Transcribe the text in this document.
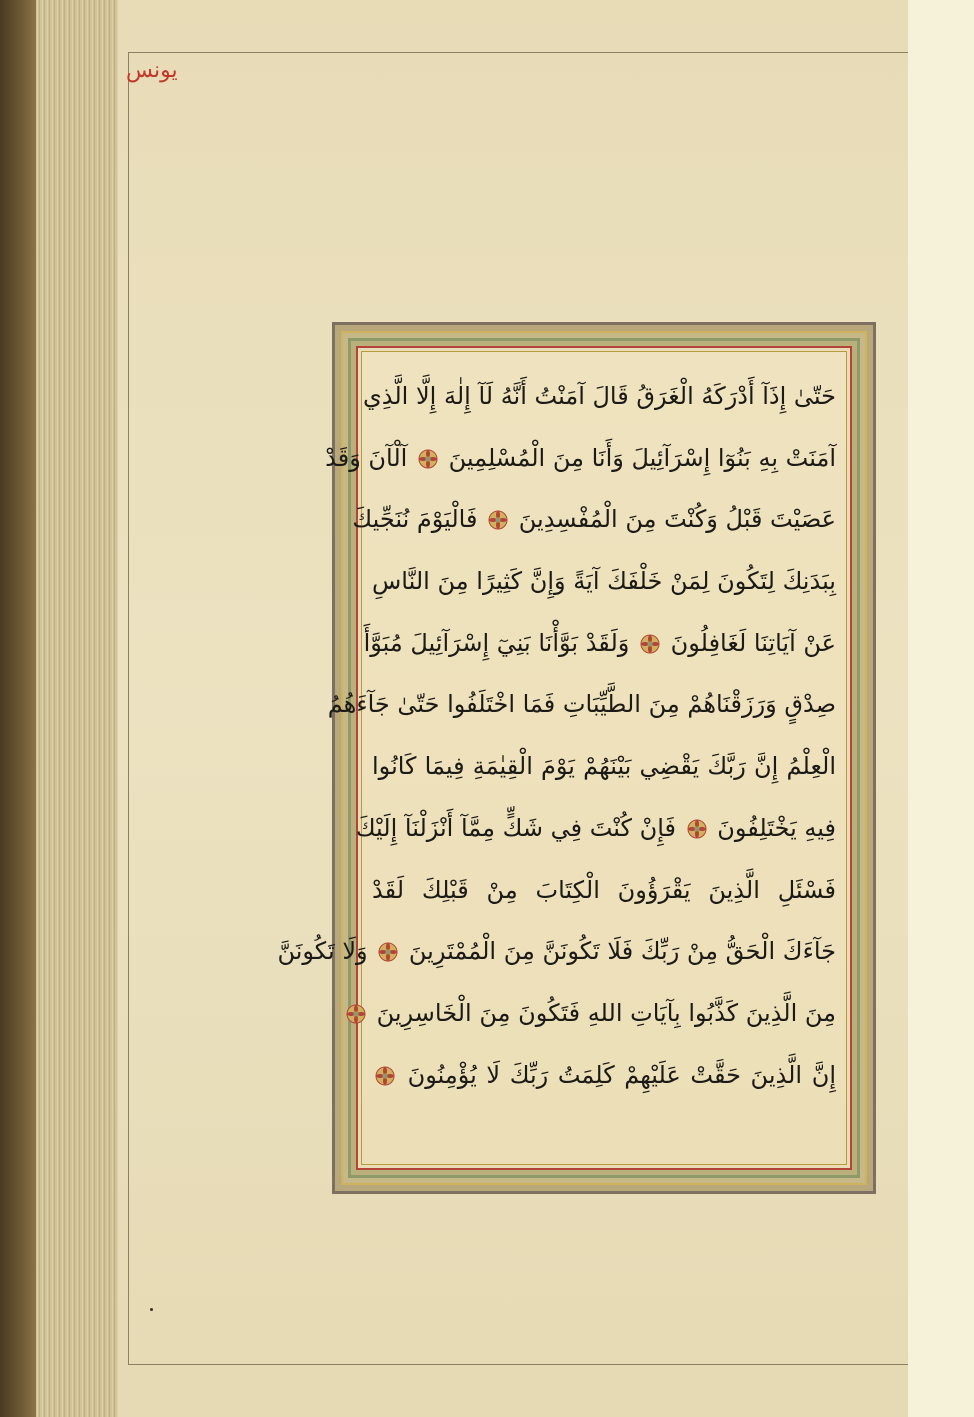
يونس
حَتّىٰ إِذَآ أَدْرَكَهُ الْغَرَقُ قَالَ آمَنْتُ أَنَّهُ لَآ إِلٰهَ إِلَّا الَّذِي
آمَنَتْ بِهِ بَنُوٓا إِسْرَآئِيلَ وَأَنَا مِنَ الْمُسْلِمِينَ
آلْآنَ وَقَدْ
عَصَيْتَ قَبْلُ وَكُنْتَ مِنَ الْمُفْسِدِينَ
فَالْيَوْمَ نُنَجِّيكَ
بِبَدَنِكَ لِتَكُونَ لِمَنْ خَلْفَكَ آيَةً وَإِنَّ كَثِيرًا مِنَ النَّاسِ
عَنْ آيَاتِنَا لَغَافِلُونَ
وَلَقَدْ بَوَّأْنَا بَنِيٓ إِسْرَآئِيلَ مُبَوَّأَ
صِدْقٍ وَرَزَقْنَاهُمْ مِنَ الطَّيِّبَاتِ فَمَا اخْتَلَفُوا حَتّىٰ جَآءَهُمُ
الْعِلْمُ إِنَّ رَبَّكَ يَقْضِي بَيْنَهُمْ يَوْمَ الْقِيٰمَةِ فِيمَا كَانُوا
فِيهِ يَخْتَلِفُونَ
فَإِنْ كُنْتَ فِي شَكٍّ مِمَّآ أَنْزَلْنَآ إِلَيْكَ
فَسْئَلِ الَّذِينَ يَقْرَؤُونَ الْكِتَابَ مِنْ قَبْلِكَ لَقَدْ
جَآءَكَ الْحَقُّ مِنْ رَبِّكَ فَلَا تَكُونَنَّ مِنَ الْمُمْتَرِينَ
وَلَا تَكُونَنَّ
مِنَ الَّذِينَ كَذَّبُوا بِآيَاتِ اللهِ فَتَكُونَ مِنَ الْخَاسِرِينَ
إِنَّ الَّذِينَ حَقَّتْ عَلَيْهِمْ كَلِمَتُ رَبِّكَ لَا يُؤْمِنُونَ
